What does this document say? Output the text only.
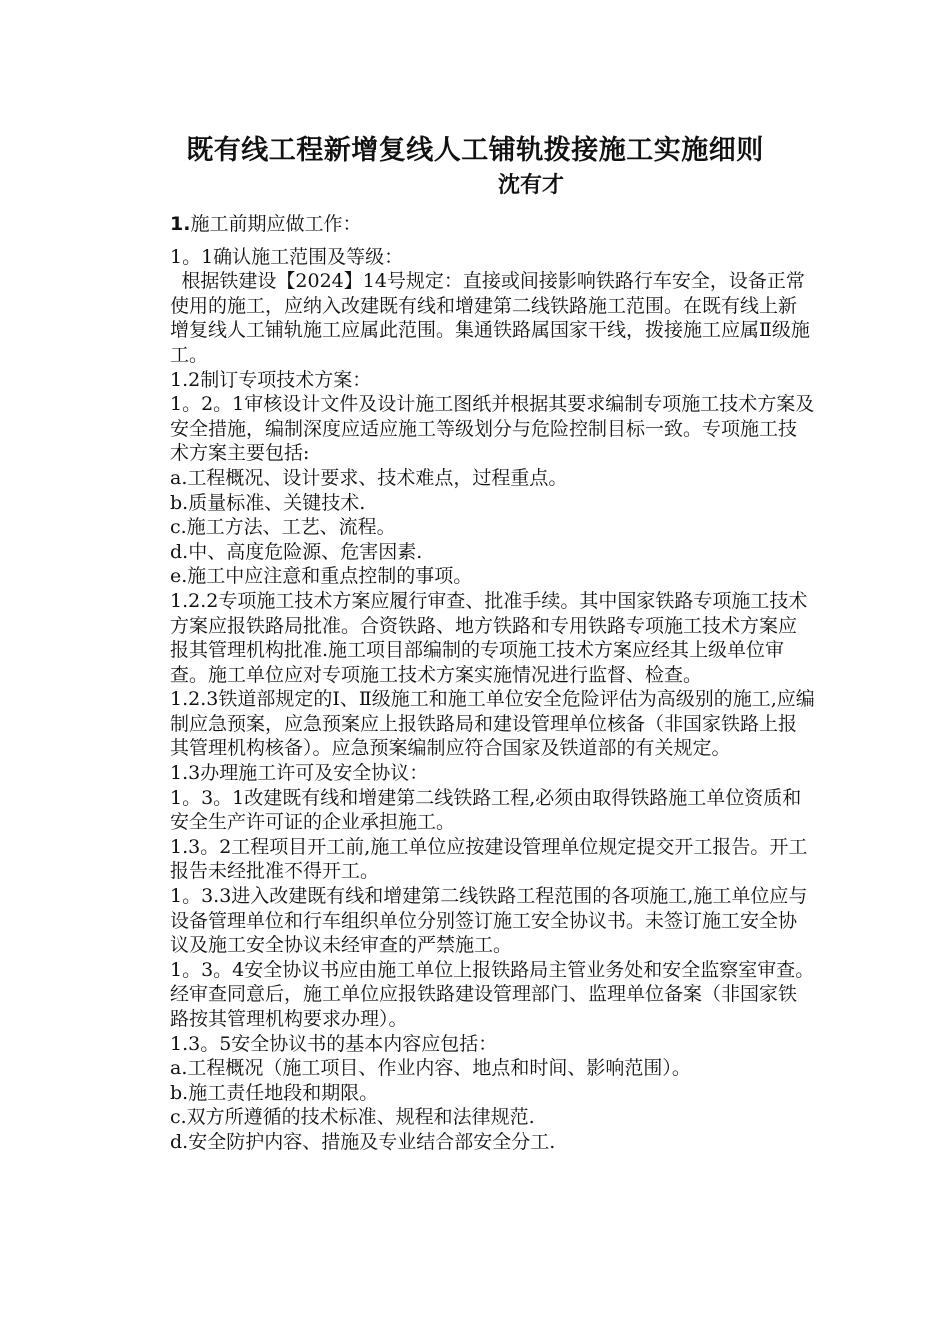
既有线工程新增复线人工铺轨拨接施工实施细则
沈有才

1.施工前期应做工作：

1。1确认施工范围及等级：

根据铁建设【2024】14号规定：直接或间接影响铁路行车安全，设备正常使用的施工，应纳入改建既有线和增建第二线铁路施工范围。在既有线上新增复线人工铺轨施工应属此范围。集通铁路属国家干线，拨接施工应属Ⅱ级施工。

1.2制订专项技术方案：

1。2。1审核设计文件及设计施工图纸并根据其要求编制专项施工技术方案及安全措施，编制深度应适应施工等级划分与危险控制目标一致。专项施工技术方案主要包括:

a.工程概况、设计要求、技术难点，过程重点。

b.质量标准、关键技术.

c.施工方法、工艺、流程。

d.中、高度危险源、危害因素.

e.施工中应注意和重点控制的事项。

1.2.2专项施工技术方案应履行审查、批准手续。其中国家铁路专项施工技术方案应报铁路局批准。合资铁路、地方铁路和专用铁路专项施工技术方案应报其管理机构批准.施工项目部编制的专项施工技术方案应经其上级单位审查。施工单位应对专项施工技术方案实施情况进行监督、检查。

1.2.3铁道部规定的Ⅰ、Ⅱ级施工和施工单位安全危险评估为高级别的施工,应编制应急预案，应急预案应上报铁路局和建设管理单位核备（非国家铁路上报其管理机构核备）。应急预案编制应符合国家及铁道部的有关规定。

1.3办理施工许可及安全协议：

1。3。1改建既有线和增建第二线铁路工程,必须由取得铁路施工单位资质和安全生产许可证的企业承担施工。

1.3。2工程项目开工前,施工单位应按建设管理单位规定提交开工报告。开工报告未经批准不得开工。

1。3.3进入改建既有线和增建第二线铁路工程范围的各项施工,施工单位应与设备管理单位和行车组织单位分别签订施工安全协议书。未签订施工安全协议及施工安全协议未经审查的严禁施工。

1。3。4安全协议书应由施工单位上报铁路局主管业务处和安全监察室审查。经审查同意后，施工单位应报铁路建设管理部门、监理单位备案（非国家铁路按其管理机构要求办理）。

1.3。5安全协议书的基本内容应包括：

a.工程概况（施工项目、作业内容、地点和时间、影响范围）。

b.施工责任地段和期限。

c.双方所遵循的技术标准、规程和法律规范.

d.安全防护内容、措施及专业结合部安全分工.
